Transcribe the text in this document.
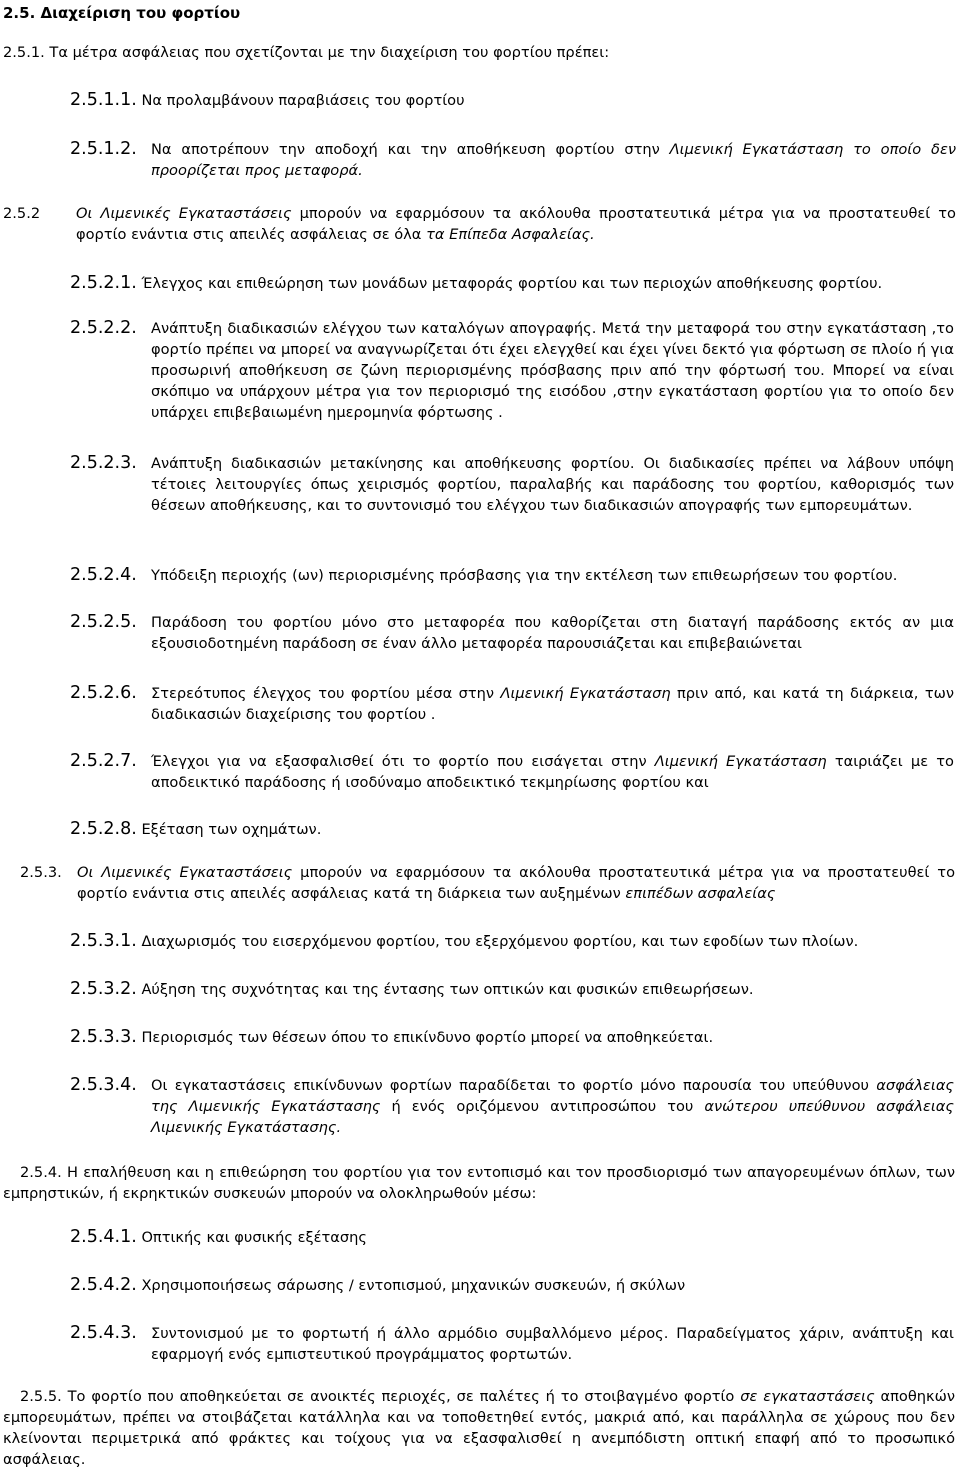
2.5. Διαχείριση του φορτίου
2.5.1. Τα μέτρα ασφάλειας που σχετίζονται με την διαχείριση του φορτίου πρέπει:
2.5.1.1. Να προλαμβάνουν παραβιάσεις του φορτίου
2.5.1.2. Να αποτρέπουν την αποδοχή και την αποθήκευση φορτίου στην Λιμενική Εγκατάσταση το οποίο δεν προορίζεται προς μεταφορά.
2.5.2	Οι Λιμενικές Εγκαταστάσεις μπορούν να εφαρμόσουν τα ακόλουθα προστατευτικά μέτρα για να προστατευθεί το φορτίο ενάντια στις απειλές ασφάλειας σε όλα τα Επίπεδα Ασφαλείας.
2.5.2.1. Έλεγχος και επιθεώρηση των μονάδων μεταφοράς φορτίου και των περιοχών αποθήκευσης φορτίου.
2.5.2.2. Ανάπτυξη διαδικασιών ελέγχου των καταλόγων απογραφής. Μετά την μεταφορά του στην εγκατάσταση ,το φορτίο πρέπει να μπορεί να αναγνωρίζεται ότι έχει ελεγχθεί και έχει γίνει δεκτό για φόρτωση σε πλοίο ή για προσωρινή αποθήκευση σε ζώνη περιορισμένης πρόσβασης πριν από την φόρτωσή του. Μπορεί να είναι σκόπιμο να υπάρχουν μέτρα για τον περιορισμό της εισόδου ,στην εγκατάσταση φορτίου για το οποίο δεν υπάρχει επιβεβαιωμένη ημερομηνία φόρτωσης .
2.5.2.3. Ανάπτυξη διαδικασιών μετακίνησης και αποθήκευσης φορτίου. Οι διαδικασίες πρέπει να λάβουν υπόψη τέτοιες λειτουργίες όπως χειρισμός φορτίου, παραλαβής και παράδοσης του φορτίου, καθορισμός των θέσεων αποθήκευσης, και το συντονισμό του ελέγχου των διαδικασιών απογραφής των εμπορευμάτων.
2.5.2.4. Υπόδειξη περιοχής (ων) περιορισμένης πρόσβασης για την εκτέλεση των επιθεωρήσεων του φορτίου.
2.5.2.5. Παράδοση του φορτίου μόνο στο μεταφορέα που καθορίζεται στη διαταγή παράδοσης εκτός αν μια εξουσιοδοτημένη παράδοση σε έναν άλλο μεταφορέα παρουσιάζεται και επιβεβαιώνεται
2.5.2.6. Στερεότυπος έλεγχος του φορτίου μέσα στην Λιμενική Εγκατάσταση πριν από, και κατά τη διάρκεια, των διαδικασιών διαχείρισης του φορτίου .
2.5.2.7. Έλεγχοι για να εξασφαλισθεί ότι το φορτίο που εισάγεται στην Λιμενική Εγκατάσταση ταιριάζει με το αποδεικτικό παράδοσης ή ισοδύναμο αποδεικτικό τεκμηρίωσης φορτίου και
2.5.2.8. Εξέταση των οχημάτων.
2.5.3.	Οι Λιμενικές Εγκαταστάσεις μπορούν να εφαρμόσουν τα ακόλουθα προστατευτικά μέτρα για να προστατευθεί το φορτίο ενάντια στις απειλές ασφάλειας κατά τη διάρκεια των αυξημένων επιπέδων ασφαλείας
2.5.3.1. Διαχωρισμός του εισερχόμενου φορτίου, του εξερχόμενου φορτίου, και των εφοδίων των πλοίων.
2.5.3.2. Αύξηση της συχνότητας και της έντασης των οπτικών και φυσικών επιθεωρήσεων.
2.5.3.3. Περιορισμός των θέσεων όπου το επικίνδυνο φορτίο μπορεί να αποθηκεύεται.
2.5.3.4. Οι εγκαταστάσεις επικίνδυνων φορτίων παραδίδεται το φορτίο μόνο παρουσία του υπεύθυνου ασφάλειας της Λιμενικής Εγκατάστασης ή ενός οριζόμενου αντιπροσώπου του ανώτερου υπεύθυνου ασφάλειας Λιμενικής Εγκατάστασης.
2.5.4. Η επαλήθευση και η επιθεώρηση του φορτίου για τον εντοπισμό και τον προσδιορισμό των απαγορευμένων όπλων, των εμπρηστικών, ή εκρηκτικών συσκευών μπορούν να ολοκληρωθούν μέσω:
2.5.4.1. Οπτικής και φυσικής εξέτασης
2.5.4.2. Χρησιμοποιήσεως σάρωσης / εντοπισμού, μηχανικών συσκευών, ή σκύλων
2.5.4.3. Συντονισμού με το φορτωτή ή άλλο αρμόδιο συμβαλλόμενο μέρος. Παραδείγματος χάριν, ανάπτυξη και εφαρμογή ενός εμπιστευτικού προγράμματος φορτωτών.
2.5.5. Το φορτίο που αποθηκεύεται σε ανοικτές περιοχές, σε παλέτες ή το στοιβαγμένο φορτίο σε εγκαταστάσεις αποθηκών εμπορευμάτων, πρέπει να στοιβάζεται κατάλληλα και να τοποθετηθεί εντός, μακριά από, και παράλληλα σε χώρους που δεν κλείνονται περιμετρικά από φράκτες και τοίχους για να εξασφαλισθεί η ανεμπόδιστη οπτική επαφή από το προσωπικό ασφάλειας.
